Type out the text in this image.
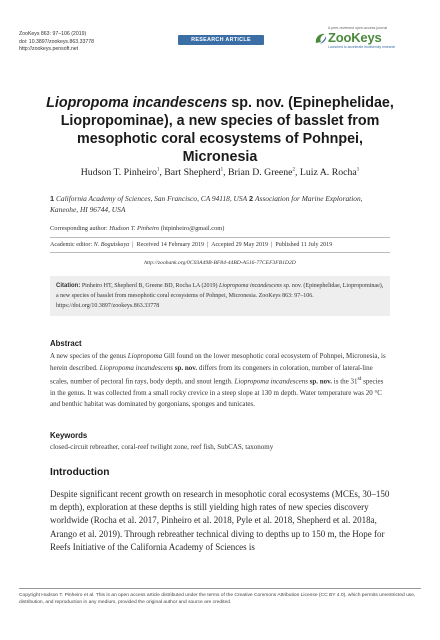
ZooKeys 863: 97–106 (2019)
doi: 10.3897/zookeys.863.33778
http://zookeys.pensoft.net
RESEARCH ARTICLE
A peer-reviewed open-access journal
ZooKeys
Launched to accelerate biodiversity research
Liopropoma incandescens sp. nov. (Epinephelidae,
Liopropominae), a new species of basslet from
mesophotic coral ecosystems of Pohnpei, Micronesia
Hudson T. Pinheiro$^1$, Bart Shepherd$^1$, Brian D. Greene$^2$, Luiz A. Rocha$^1$
1 California Academy of Sciences, San Francisco, CA 94118, USA 2 Association for Marine Exploration, Kaneohe, HI 96744, USA
Corresponding author: Hudson T. Pinheiro (htpinheiro@gmail.com)
Academic editor: N. Bogutskaya  |  Received 14 February 2019  |  Accepted 29 May 2019  |  Published 11 July 2019
http://zoobank.org/0C03A49B-BF84-44BD-A516-77CEF3FB1D2D
Citation: Pinheiro HT, Shepherd B, Greene BD, Rocha LA (2019) Liopropoma incandescens sp. nov. (Epinephelidae, Liopropominae), a new species of basslet from mesophotic coral ecosystems of Pohnpei, Micronesia. ZooKeys 863: 97–106. https://doi.org/10.3897/zookeys.863.33778
Abstract
A new species of the genus Liopropoma Gill found on the lower mesophotic coral ecosystem of Pohnpei, Micronesia, is herein described. Liopropoma incandescens sp. nov. differs from its congeners in coloration, number of lateral-line scales, number of pectoral fin rays, body depth, and snout length. Liopropoma incandescens sp. nov. is the 31st species in the genus. It was collected from a small rocky crevice in a steep slope at 130 m depth. Water temperature was 20 °C and benthic habitat was dominated by gorgonians, sponges and tunicates.
Keywords
closed-circuit rebreather, coral-reef twilight zone, reef fish, SubCAS, taxonomy
Introduction
Despite significant recent growth on research in mesophotic coral ecosystems (MCEs, 30–150 m depth), exploration at these depths is still yielding high rates of new species discovery worldwide (Rocha et al. 2017, Pinheiro et al. 2018, Pyle et al. 2018, Shepherd et al. 2018a, Arango et al. 2019). Through rebreather technical diving to depths up to 150 m, the Hope for Reefs Initiative of the California Academy of Sciences is
Copyright Hudson T. Pinheiro et al. This is an open access article distributed under the terms of the Creative Commons Attribution License (CC BY 4.0), which permits unrestricted use, distribution, and reproduction in any medium, provided the original author and source are credited.
